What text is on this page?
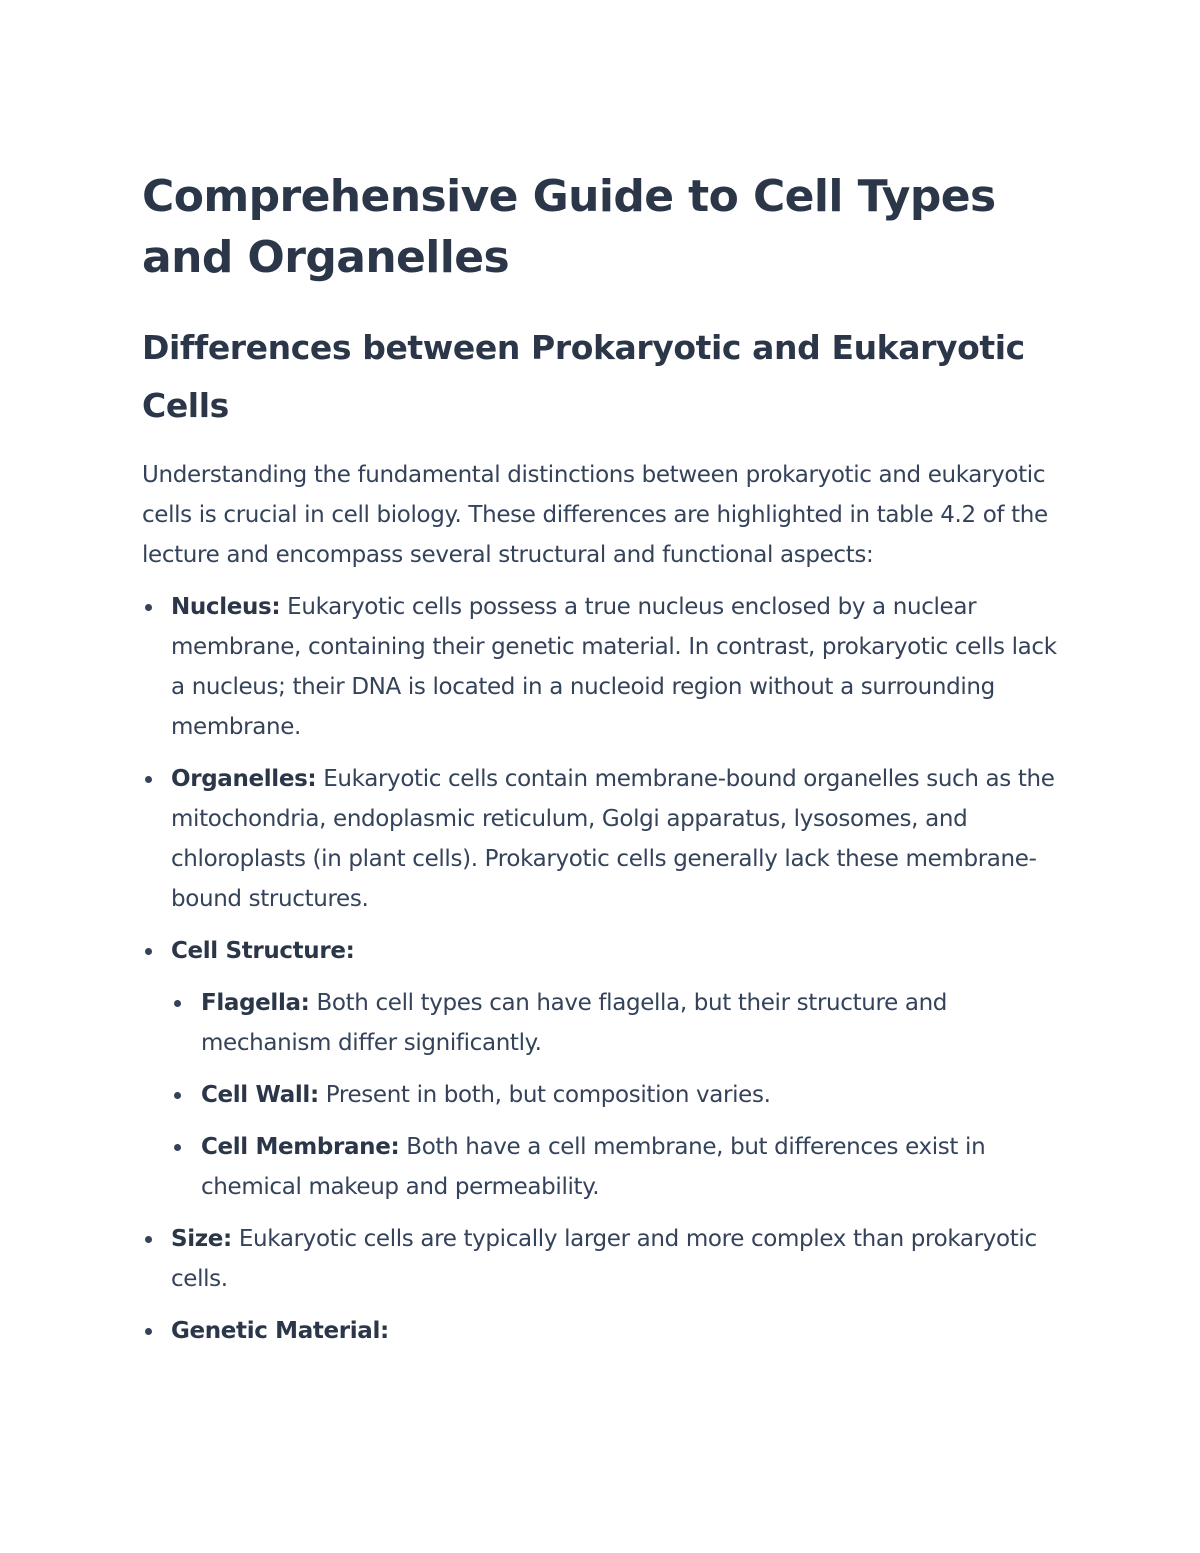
Comprehensive Guide to Cell Types and Organelles
Differences between Prokaryotic and Eukaryotic Cells

Understanding the fundamental distinctions between prokaryotic and eukaryotic cells is crucial in cell biology. These differences are highlighted in table 4.2 of the lecture and encompass several structural and functional aspects:

Nucleus: Eukaryotic cells possess a true nucleus enclosed by a nuclear membrane, containing their genetic material. In contrast, prokaryotic cells lack a nucleus; their DNA is located in a nucleoid region without a surrounding membrane.
Organelles: Eukaryotic cells contain membrane-bound organelles such as the mitochondria, endoplasmic reticulum, Golgi apparatus, lysosomes, and chloroplasts (in plant cells). Prokaryotic cells generally lack these membrane-bound structures.
Cell Structure:
Flagella: Both cell types can have flagella, but their structure and mechanism differ significantly.
Cell Wall: Present in both, but composition varies.
Cell Membrane: Both have a cell membrane, but differences exist in chemical makeup and permeability.
Size: Eukaryotic cells are typically larger and more complex than prokaryotic cells.
Genetic Material:
